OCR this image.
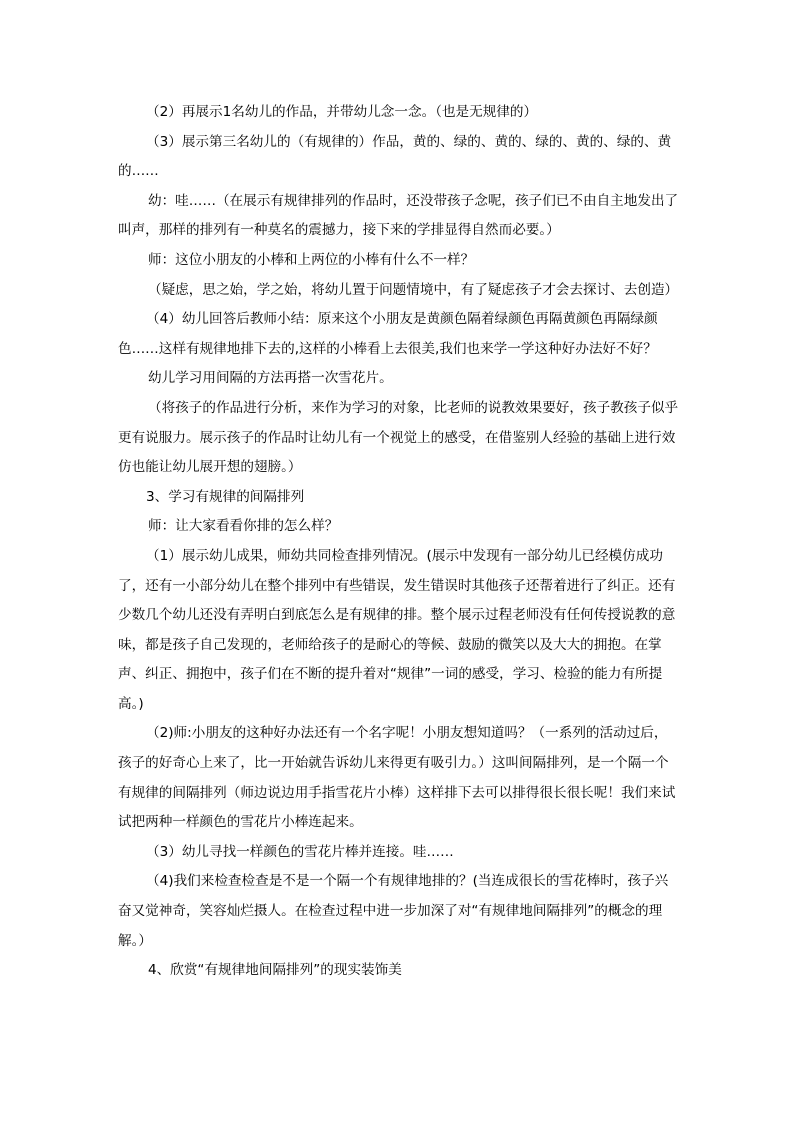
（2）再展示1名幼儿的作品，并带幼儿念一念。（也是无规律的）

（3）展示第三名幼儿的（有规律的）作品，黄的、绿的、黄的、绿的、黄的、绿的、黄的……

幼：哇……（在展示有规律排列的作品时，还没带孩子念呢，孩子们已不由自主地发出了叫声，那样的排列有一种莫名的震撼力，接下来的学排显得自然而必要。）

师：这位小朋友的小棒和上两位的小棒有什么不一样？

（疑虑，思之始，学之始，将幼儿置于问题情境中，有了疑虑孩子才会去探讨、去创造）

（4）幼儿回答后教师小结：原来这个小朋友是黄颜色隔着绿颜色再隔黄颜色再隔绿颜色……这样有规律地排下去的,这样的小棒看上去很美,我们也来学一学这种好办法好不好？

幼儿学习用间隔的方法再搭一次雪花片。

（将孩子的作品进行分析，来作为学习的对象，比老师的说教效果要好，孩子教孩子似乎更有说服力。展示孩子的作品时让幼儿有一个视觉上的感受，在借鉴别人经验的基础上进行效仿也能让幼儿展开想的翅膀。）

3、学习有规律的间隔排列

师：让大家看看你排的怎么样？

（1）展示幼儿成果，师幼共同检查排列情况。(展示中发现有一部分幼儿已经模仿成功了，还有一小部分幼儿在整个排列中有些错误，发生错误时其他孩子还帮着进行了纠正。还有少数几个幼儿还没有弄明白到底怎么是有规律的排。整个展示过程老师没有任何传授说教的意味，都是孩子自己发现的，老师给孩子的是耐心的等候、鼓励的微笑以及大大的拥抱。在掌声、纠正、拥抱中，孩子们在不断的提升着对“规律”一词的感受，学习、检验的能力有所提高。)

（2)师:小朋友的这种好办法还有一个名字呢！小朋友想知道吗？（一系列的活动过后，孩子的好奇心上来了，比一开始就告诉幼儿来得更有吸引力。）这叫间隔排列，是一个隔一个有规律的间隔排列（师边说边用手指雪花片小棒）这样排下去可以排得很长很长呢！我们来试试把两种一样颜色的雪花片小棒连起来。

（3）幼儿寻找一样颜色的雪花片棒并连接。哇……

（4)我们来检查检查是不是一个隔一个有规律地排的？(当连成很长的雪花棒时，孩子兴奋又觉神奇，笑容灿烂摄人。在检查过程中进一步加深了对“有规律地间隔排列”的概念的理解。）

4、欣赏“有规律地间隔排列”的现实装饰美
